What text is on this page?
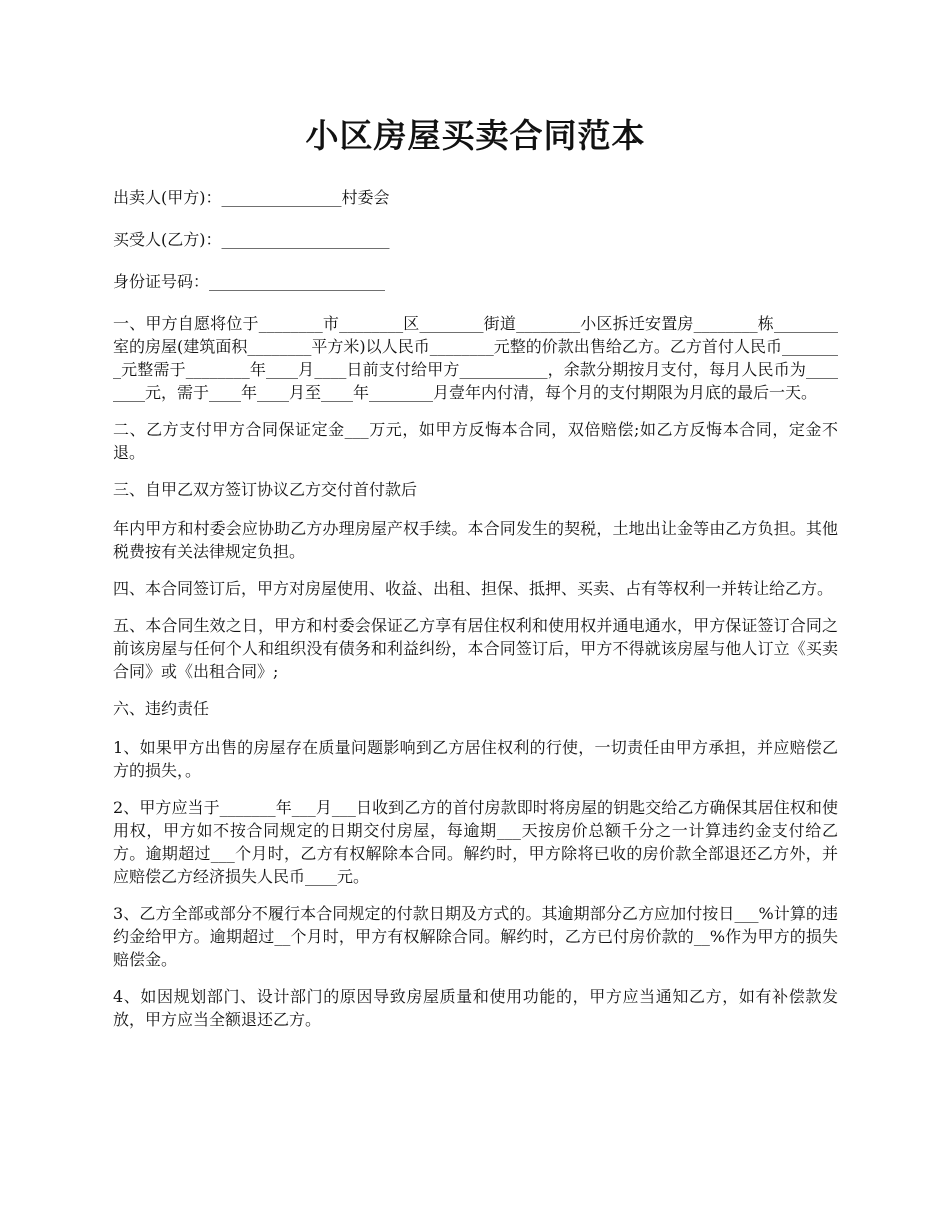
小区房屋买卖合同范本
出卖人(甲方)：_______________村委会
买受人(乙方)：_____________________
身份证号码：______________________

一、甲方自愿将位于________市________区________街道________小区拆迁安置房________栋________室的房屋(建筑面积________平方米)以人民币________元整的价款出售给乙方。乙方首付人民币________元整需于________年____月____日前支付给甲方___________，余款分期按月支付，每月人民币为________元，需于____年____月至____年________月壹年内付清，每个月的支付期限为月底的最后一天。

二、乙方支付甲方合同保证定金___万元，如甲方反悔本合同，双倍赔偿;如乙方反悔本合同，定金不退。

三、自甲乙双方签订协议乙方交付首付款后

年内甲方和村委会应协助乙方办理房屋产权手续。本合同发生的契税，土地出让金等由乙方负担。其他税费按有关法律规定负担。

四、本合同签订后，甲方对房屋使用、收益、出租、担保、抵押、买卖、占有等权利一并转让给乙方。

五、本合同生效之日，甲方和村委会保证乙方享有居住权利和使用权并通电通水，甲方保证签订合同之前该房屋与任何个人和组织没有债务和利益纠纷，本合同签订后，甲方不得就该房屋与他人订立《买卖合同》或《出租合同》;

六、违约责任

1、如果甲方出售的房屋存在质量问题影响到乙方居住权利的行使，一切责任由甲方承担，并应赔偿乙方的损失，。

2、甲方应当于_______年___月___日收到乙方的首付房款即时将房屋的钥匙交给乙方确保其居住权和使用权，甲方如不按合同规定的日期交付房屋，每逾期___天按房价总额千分之一计算违约金支付给乙方。逾期超过___个月时，乙方有权解除本合同。解约时，甲方除将已收的房价款全部退还乙方外，并应赔偿乙方经济损失人民币____元。

3、乙方全部或部分不履行本合同规定的付款日期及方式的。其逾期部分乙方应加付按日___%计算的违约金给甲方。逾期超过__个月时，甲方有权解除合同。解约时，乙方已付房价款的__%作为甲方的损失赔偿金。

4、如因规划部门、设计部门的原因导致房屋质量和使用功能的，甲方应当通知乙方，如有补偿款发放，甲方应当全额退还乙方。
